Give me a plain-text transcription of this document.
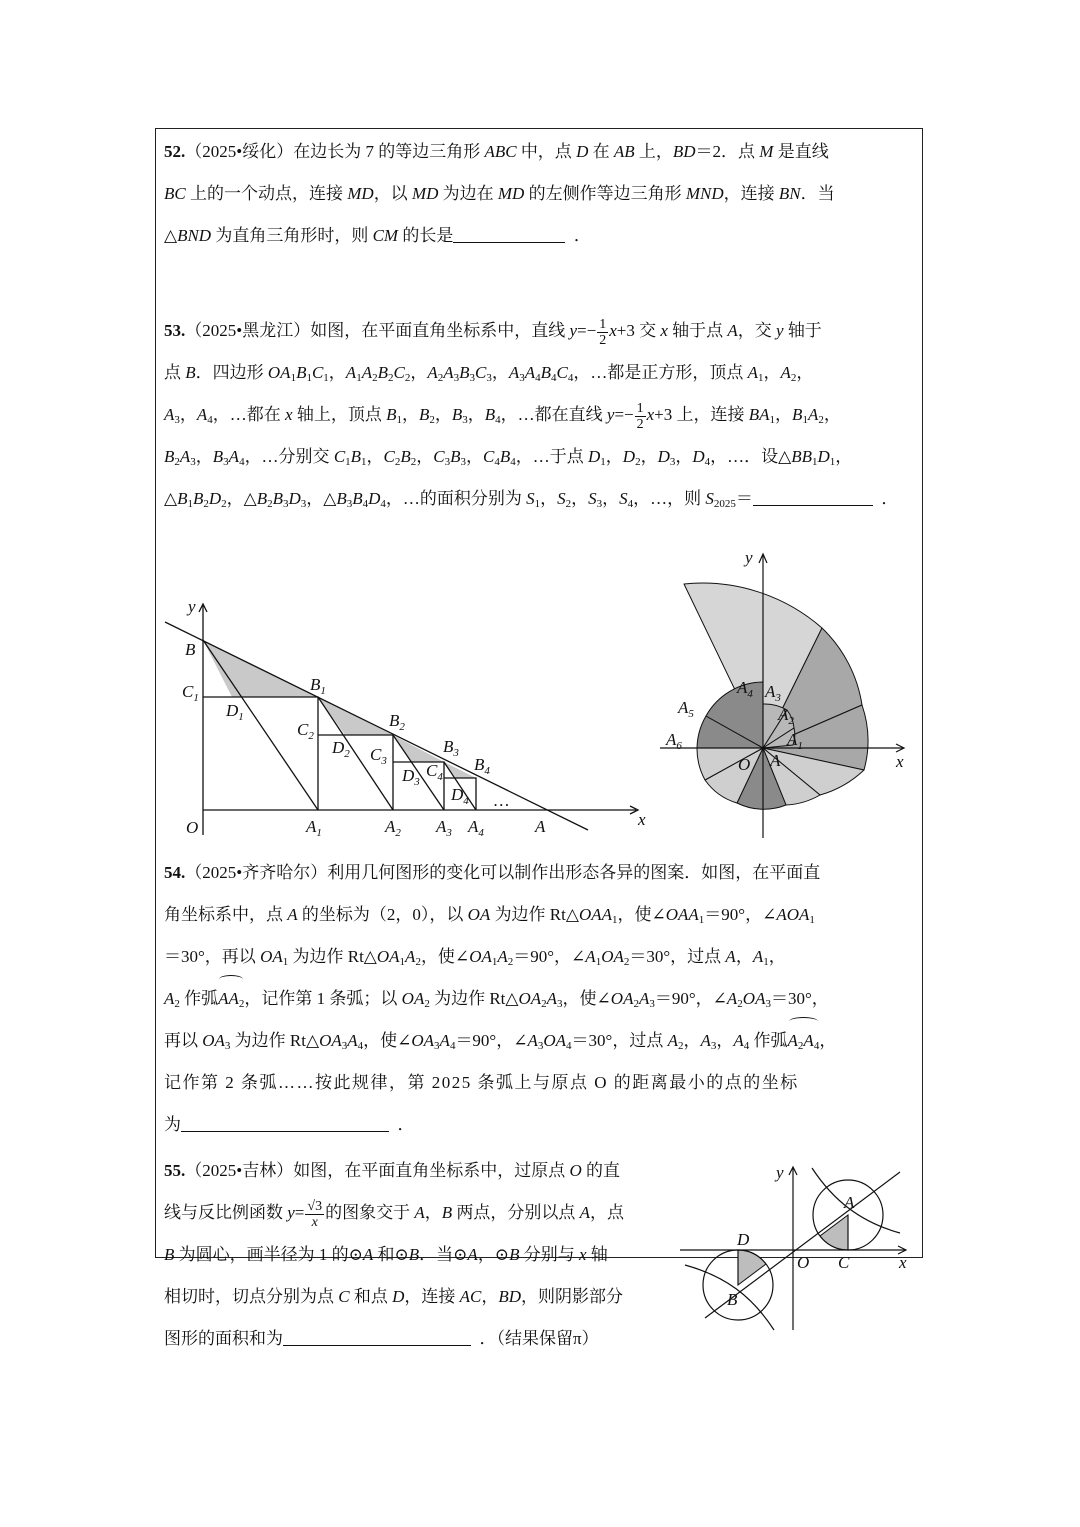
52.（2025•绥化）在边长为 7 的等边三角形 ABC 中，点 D 在 AB 上，BD＝2．点 M 是直线

BC 上的一个动点，连接 MD，以 MD 为边在 MD 的左侧作等边三角形 MND，连接 BN．当

△BND 为直角三角形时，则 CM 的长是	．

53.（2025•黑龙江）如图，在平面直角坐标系中，直线 $y=- \frac{1}{2} x+3$ 交 x 轴于点 A，交 y 轴于

点 B．四边形 $OA_1B_1C_1$，$A_1A_2B_2C_2$，$A_2A_3B_3C_3$，$A_3A_4B_4C_4$，…都是正方形，顶点 $A_1$，$A_2$，

$A_3$，$A_4$，…都在 x 轴上，顶点 $B_1$，$B_2$，$B_3$，$B_4$，…都在直线 $y=- \frac{1}{2} x+3$ 上，连接 $BA_1$，$B_1A_2$，

$B_2A_3$，$B_3A_4$，…分别交 $C_1B_1$，$C_2B_2$，$C_3B_3$，$C_4B_4$，…于点 $D_1$，$D_2$，$D_3$，$D_4$，…．设$\triangle BB_1D_1$，

$\triangle B_1B_2D_2$，$\triangle B_2B_3D_3$，$\triangle B_3B_4D_4$，…的面积分别为 $S_1$，$S_2$，$S_3$，$S_4$，…，则 $S_{2025}=$	．

y
B
$C_1$
$D_1$
$B_1$
$C_2$
$D_2$
$B_2$
$C_3$
$D_3$
$B_3$
$C_4$
$B_4$
$D_4$
O	$A_1$	$A_2$ $A_3$ $A_4$	A	x
…
y
x
$A_4$ $A_3$
$A_5$	$A_2$
$A_6$	$A_1$
O A

54.（2025•齐齐哈尔）利用几何图形的变化可以制作出形态各异的图案．如图，在平面直

角坐标系中，点 A 的坐标为（2，0），以 OA 为边作 $Rt\triangle OAA_1$，使$\angle OAA_1=90^\circ$，$\angle AOA_1$

＝30°，再以 $OA_1$ 为边作 $Rt\triangle OA_1A_2$，使$\angle OA_1A_2=90^\circ$，$\angle A_1OA_2=30^\circ$，过点 A，$A_1$，

$A_2$ 作弧$AA_2$，记作第 1 条弧；以 $OA_2$ 为边作 $Rt\triangle OA_2A_3$，使$\angle OA_2A_3=90^\circ$，$\angle A_2OA_3=30^\circ$，

再以 $OA_3$ 为边作 $Rt\triangle OA_3A_4$，使$\angle OA_3A_4=90^\circ$，$\angle A_3OA_4=30^\circ$，过点 $A_2$，$A_3$，$A_4$ 作弧$A_2A_4$，

记作第 2 条弧……按此规律，第 2025 条弧上与原点 O 的距离最小的点的坐标

为	．

55.（2025•吉林）如图，在平面直角坐标系中，过原点 O 的直

线与反比例函数 $y= \frac{√3}{x}$的图象交于 A，B 两点，分别以点 A，点

B 为圆心，画半径为 1 的⊙A 和⊙B．当⊙A，⊙B 分别与 x 轴

相切时，切点分别为点 C 和点 D，连接 AC，BD，则阴影部分

图形的面积和为	．（结果保留π）

y
A
D
O C	x
B
